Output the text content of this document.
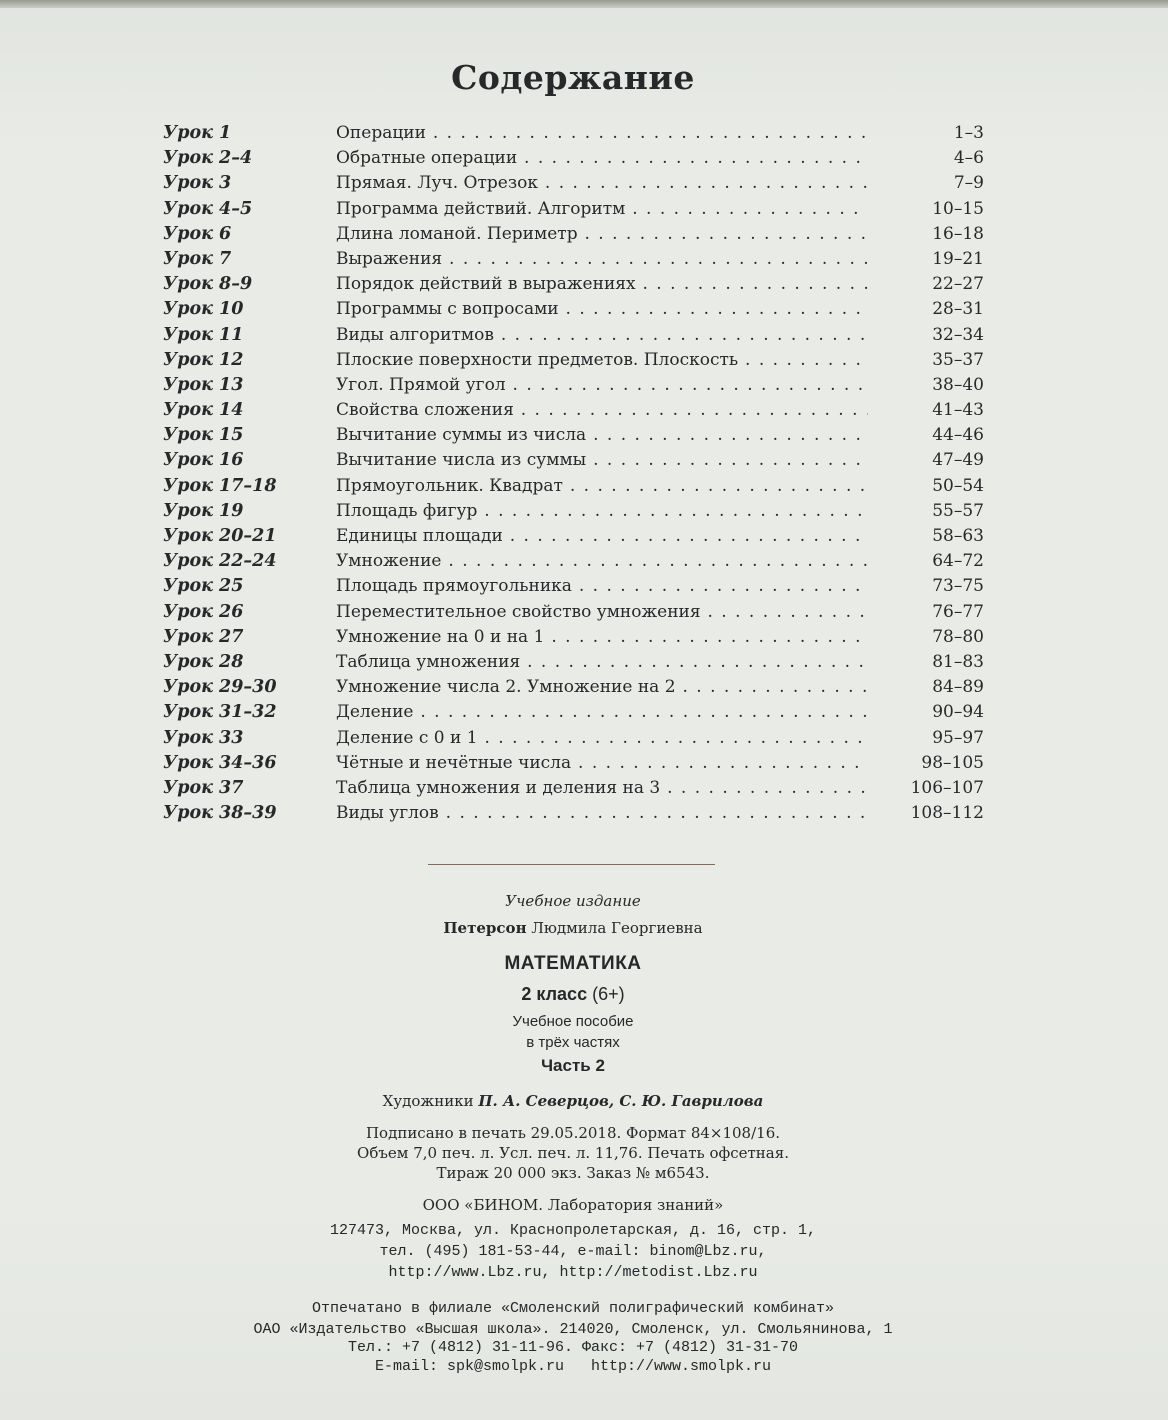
Содержание
Урок 1	Операции . . .	1–3
Урок 2–4	Обратные операции . . .	4–6
Урок 3	Прямая. Луч. Отрезок . . .	7–9
Урок 4–5	Программа действий. Алгоритм . . .	10–15
Урок 6	Длина ломаной. Периметр . . .	16–18
Урок 7	Выражения . . .	19–21
Урок 8–9	Порядок действий в выражениях . . .	22–27
Урок 10	Программы с вопросами . . .	28–31
Урок 11	Виды алгоритмов . . .	32–34
Урок 12	Плоские поверхности предметов. Плоскость . . .	35–37
Урок 13	Угол. Прямой угол . . .	38–40
Урок 14	Свойства сложения . . .	41–43
Урок 15	Вычитание суммы из числа . . .	44–46
Урок 16	Вычитание числа из суммы . . .	47–49
Урок 17–18	Прямоугольник. Квадрат . . .	50–54
Урок 19	Площадь фигур . . .	55–57
Урок 20–21	Единицы площади . . .	58–63
Урок 22–24	Умножение . . .	64–72
Урок 25	Площадь прямоугольника . . .	73–75
Урок 26	Переместительное свойство умножения . . .	76–77
Урок 27	Умножение на 0 и на 1 . . .	78–80
Урок 28	Таблица умножения . . .	81–83
Урок 29–30	Умножение числа 2. Умножение на 2 . . .	84–89
Урок 31–32	Деление . . .	90–94
Урок 33	Деление с 0 и 1 . . .	95–97
Урок 34–36	Чётные и нечётные числа . . .	98–105
Урок 37	Таблица умножения и деления на 3 . . .	106–107
Урок 38–39	Виды углов . . .	108–112
Учебное издание
Петерсон Людмила Георгиевна
МАТЕМАТИКА
2 класс (6+)
Учебное пособие
в трёх частях
Часть 2
Художники П. А. Северцов, С. Ю. Гаврилова
Подписано в печать 29.05.2018. Формат 84×108/16.
Объем 7,0 печ. л. Усл. печ. л. 11,76. Печать офсетная.
Тираж 20 000 экз. Заказ № м6543.
ООО «БИНОМ. Лаборатория знаний»
127473, Москва, ул. Краснопролетарская, д. 16, стр. 1,
тел. (495) 181-53-44, e-mail: binom@Lbz.ru,
http://www.Lbz.ru, http://metodist.Lbz.ru
Отпечатано в филиале «Смоленский полиграфический комбинат»
ОАО «Издательство «Высшая школа». 214020, Смоленск, ул. Смольянинова, 1
Тел.: +7 (4812) 31-11-96. Факс: +7 (4812) 31-31-70
E-mail: spk@smolpk.ru   http://www.smolpk.ru
